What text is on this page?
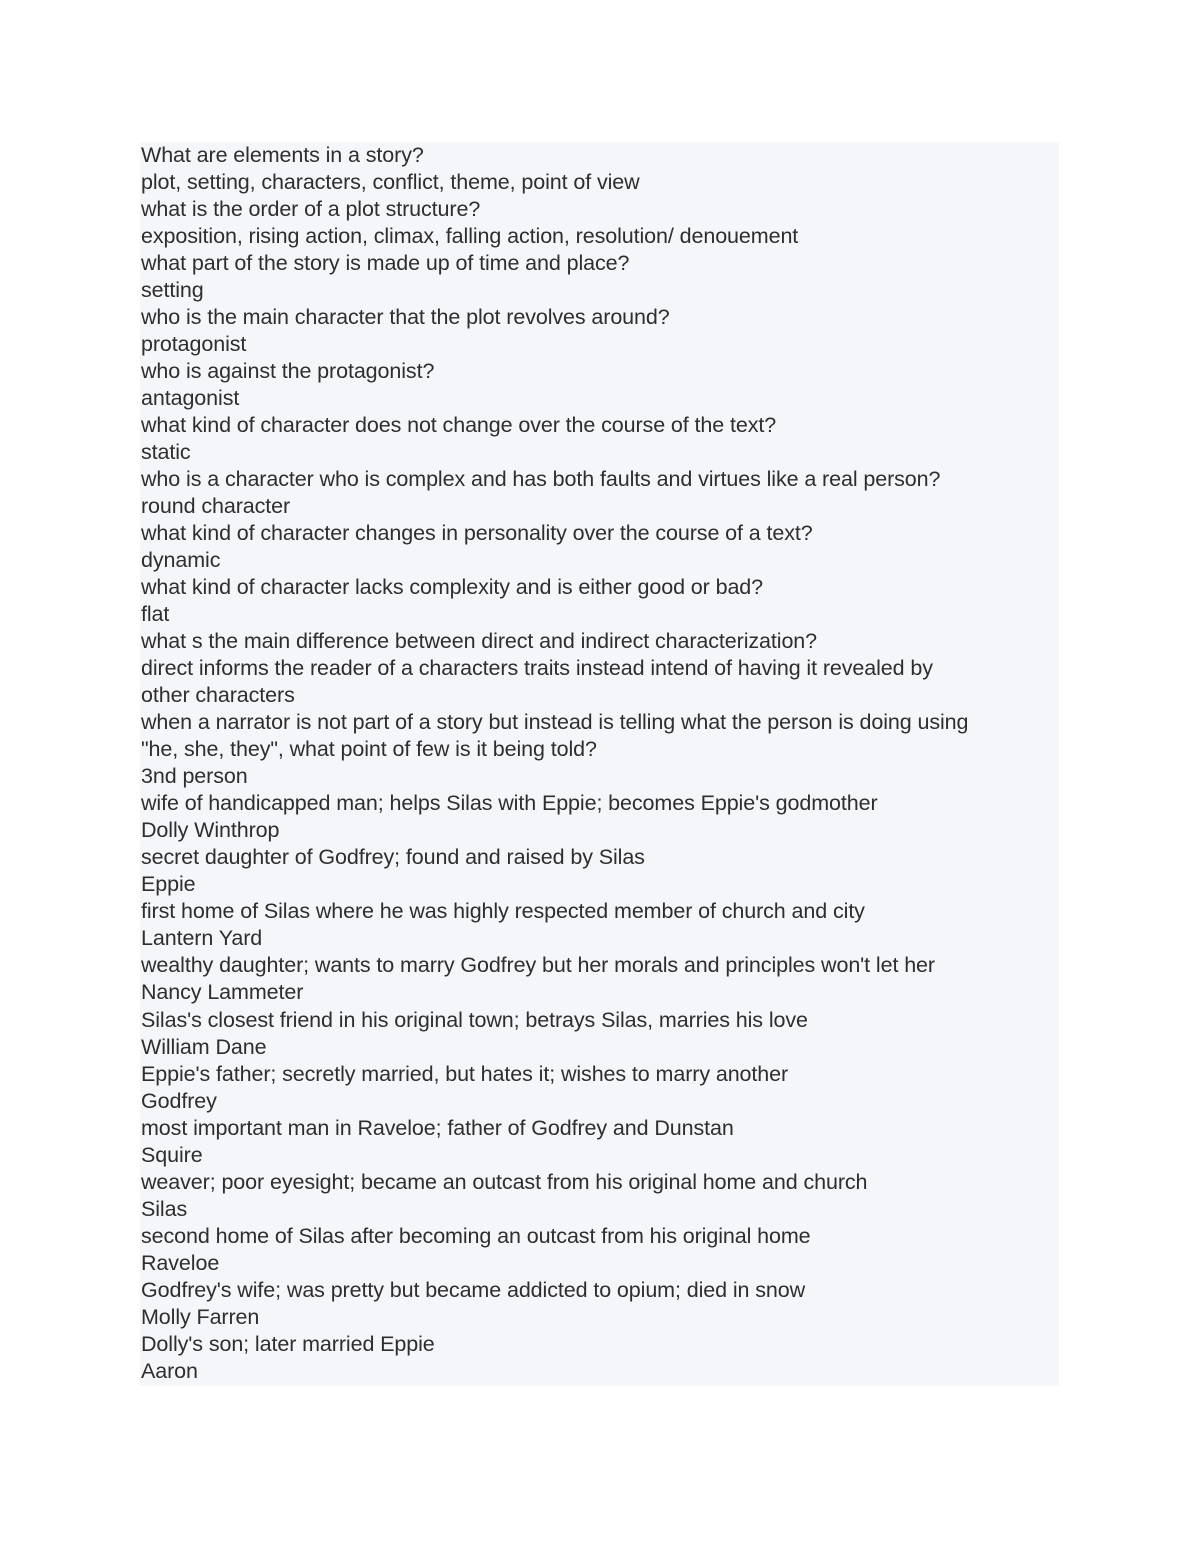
What are elements in a story?
plot, setting, characters, conflict, theme, point of view
what is the order of a plot structure?
exposition, rising action, climax, falling action, resolution/ denouement
what part of the story is made up of time and place?
setting
who is the main character that the plot revolves around?
protagonist
who is against the protagonist?
antagonist
what kind of character does not change over the course of the text?
static
who is a character who is complex and has both faults and virtues like a real person?
round character
what kind of character changes in personality over the course of a text?
dynamic
what kind of character lacks complexity and is either good or bad?
flat
what s the main difference between direct and indirect characterization?
direct informs the reader of a characters traits instead intend of having it revealed by
other characters
when a narrator is not part of a story but instead is telling what the person is doing using
"he, she, they", what point of few is it being told?
3nd person
wife of handicapped man; helps Silas with Eppie; becomes Eppie's godmother
Dolly Winthrop
secret daughter of Godfrey; found and raised by Silas
Eppie
first home of Silas where he was highly respected member of church and city
Lantern Yard
wealthy daughter; wants to marry Godfrey but her morals and principles won't let her
Nancy Lammeter
Silas's closest friend in his original town; betrays Silas, marries his love
William Dane
Eppie's father; secretly married, but hates it; wishes to marry another
Godfrey
most important man in Raveloe; father of Godfrey and Dunstan
Squire
weaver; poor eyesight; became an outcast from his original home and church
Silas
second home of Silas after becoming an outcast from his original home
Raveloe
Godfrey's wife; was pretty but became addicted to opium; died in snow
Molly Farren
Dolly's son; later married Eppie
Aaron
